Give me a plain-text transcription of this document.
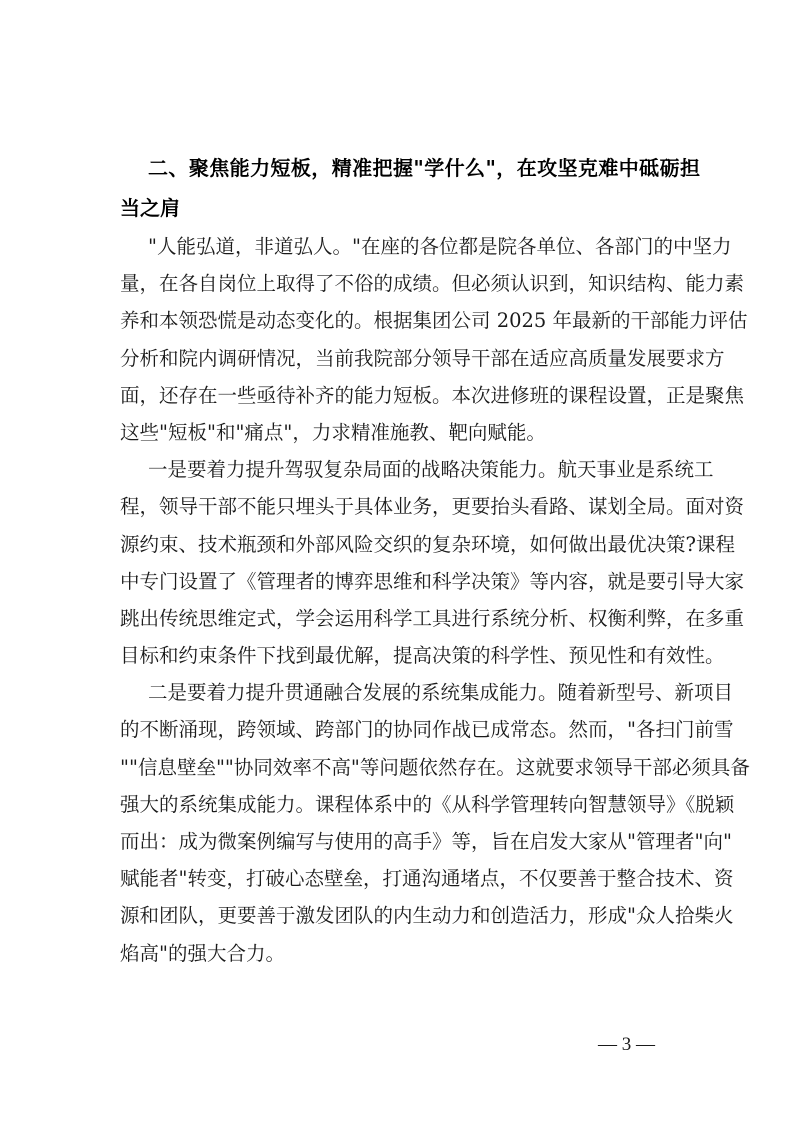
二、聚焦能力短板，精准把握"学什么"，在攻坚克难中砥砺担
当之肩
"人能弘道，非道弘人。"在座的各位都是院各单位、各部门的中坚力
量，在各自岗位上取得了不俗的成绩。但必须认识到，知识结构、能力素
养和本领恐慌是动态变化的。根据集团公司 2025 年最新的干部能力评估
分析和院内调研情况，当前我院部分领导干部在适应高质量发展要求方
面，还存在一些亟待补齐的能力短板。本次进修班的课程设置，正是聚焦
这些"短板"和"痛点"，力求精准施教、靶向赋能。
一是要着力提升驾驭复杂局面的战略决策能力。航天事业是系统工
程，领导干部不能只埋头于具体业务，更要抬头看路、谋划全局。面对资
源约束、技术瓶颈和外部风险交织的复杂环境，如何做出最优决策?课程
中专门设置了《管理者的博弈思维和科学决策》等内容，就是要引导大家
跳出传统思维定式，学会运用科学工具进行系统分析、权衡利弊，在多重
目标和约束条件下找到最优解，提高决策的科学性、预见性和有效性。
二是要着力提升贯通融合发展的系统集成能力。随着新型号、新项目
的不断涌现，跨领域、跨部门的协同作战已成常态。然而，"各扫门前雪
""信息壁垒""协同效率不高"等问题依然存在。这就要求领导干部必须具备
强大的系统集成能力。课程体系中的《从科学管理转向智慧领导》《脱颖
而出：成为微案例编写与使用的高手》等，旨在启发大家从"管理者"向"
赋能者"转变，打破心态壁垒，打通沟通堵点，不仅要善于整合技术、资
源和团队，更要善于激发团队的内生动力和创造活力，形成"众人拾柴火
焰高"的强大合力。
— 3 —
